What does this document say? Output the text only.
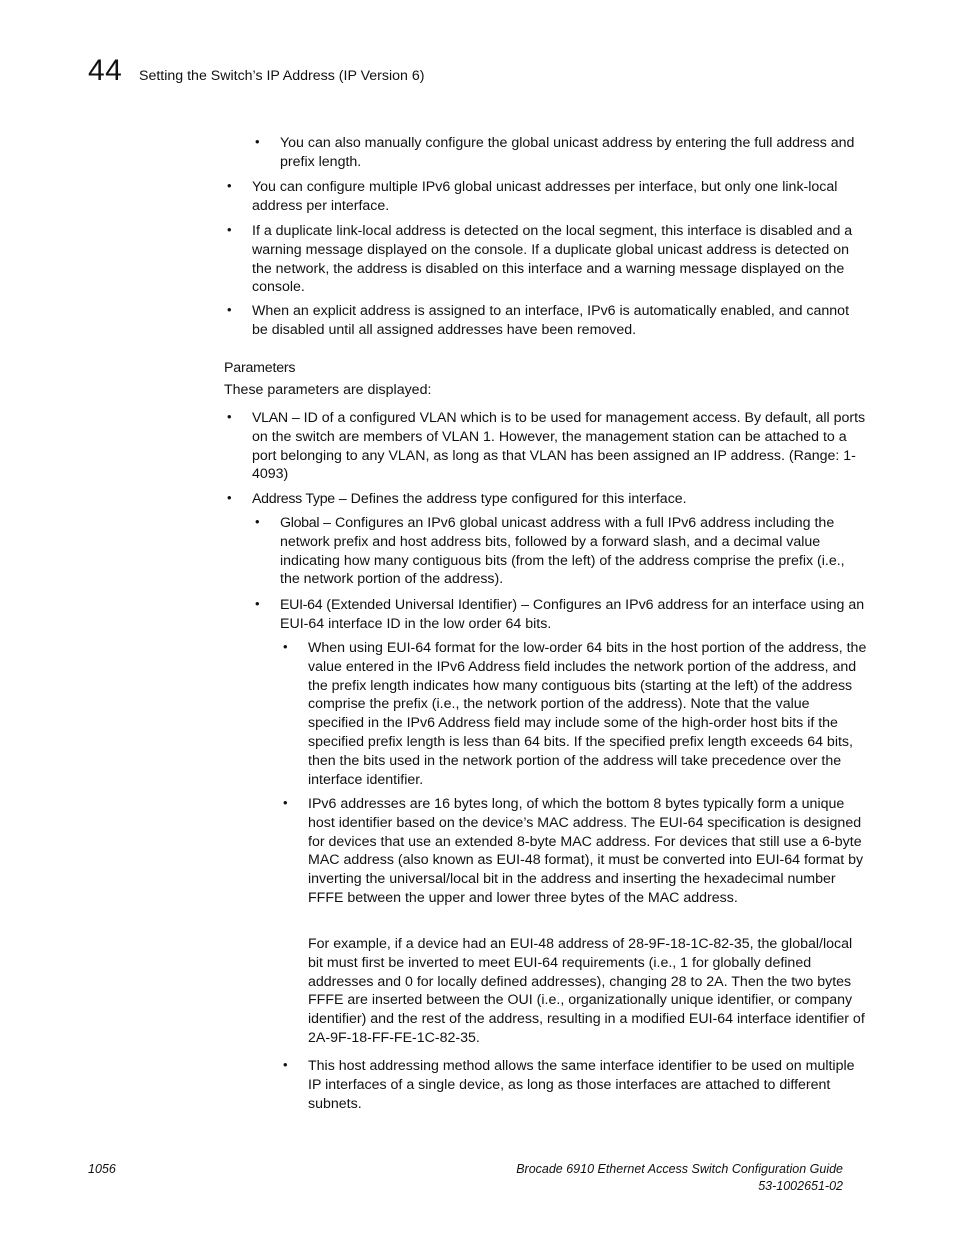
44 Setting the Switch’s IP Address (IP Version 6)
•	You can also manually configure the global unicast address by entering the full address and prefix length.

•	You can configure multiple IPv6 global unicast addresses per interface, but only one link-local address per interface.

•	If a duplicate link-local address is detected on the local segment, this interface is disabled and a warning message displayed on the console. If a duplicate global unicast address is detected on the network, the address is disabled on this interface and a warning message displayed on the console.

•	When an explicit address is assigned to an interface, IPv6 is automatically enabled, and cannot be disabled until all assigned addresses have been removed.

Parameters
These parameters are displayed:
•	VLAN – ID of a configured VLAN which is to be used for management access. By default, all ports on the switch are members of VLAN 1. However, the management station can be attached to a port belonging to any VLAN, as long as that VLAN has been assigned an IP address. (Range: 1-4093)

•	Address Type – Defines the address type configured for this interface.

•	Global – Configures an IPv6 global unicast address with a full IPv6 address including the network prefix and host address bits, followed by a forward slash, and a decimal value indicating how many contiguous bits (from the left) of the address comprise the prefix (i.e., the network portion of the address).

•	EUI-64 (Extended Universal Identifier) – Configures an IPv6 address for an interface using an EUI-64 interface ID in the low order 64 bits.

•	When using EUI-64 format for the low-order 64 bits in the host portion of the address, the value entered in the IPv6 Address field includes the network portion of the address, and the prefix length indicates how many contiguous bits (starting at the left) of the address comprise the prefix (i.e., the network portion of the address). Note that the value specified in the IPv6 Address field may include some of the high-order host bits if the specified prefix length is less than 64 bits. If the specified prefix length exceeds 64 bits, then the bits used in the network portion of the address will take precedence over the interface identifier.

•	IPv6 addresses are 16 bytes long, of which the bottom 8 bytes typically form a unique host identifier based on the device’s MAC address. The EUI-64 specification is designed for devices that use an extended 8-byte MAC address. For devices that still use a 6-byte MAC address (also known as EUI-48 format), it must be converted into EUI-64 format by inverting the universal/local bit in the address and inserting the hexadecimal number FFFE between the upper and lower three bytes of the MAC address.

For example, if a device had an EUI-48 address of 28-9F-18-1C-82-35, the global/local bit must first be inverted to meet EUI-64 requirements (i.e., 1 for globally defined addresses and 0 for locally defined addresses), changing 28 to 2A. Then the two bytes FFFE are inserted between the OUI (i.e., organizationally unique identifier, or company identifier) and the rest of the address, resulting in a modified EUI-64 interface identifier of 2A-9F-18-FF-FE-1C-82-35.

•	This host addressing method allows the same interface identifier to be used on multiple IP interfaces of a single device, as long as those interfaces are attached to different subnets.

1056	Brocade 6910 Ethernet Access Switch Configuration Guide
53-1002651-02
